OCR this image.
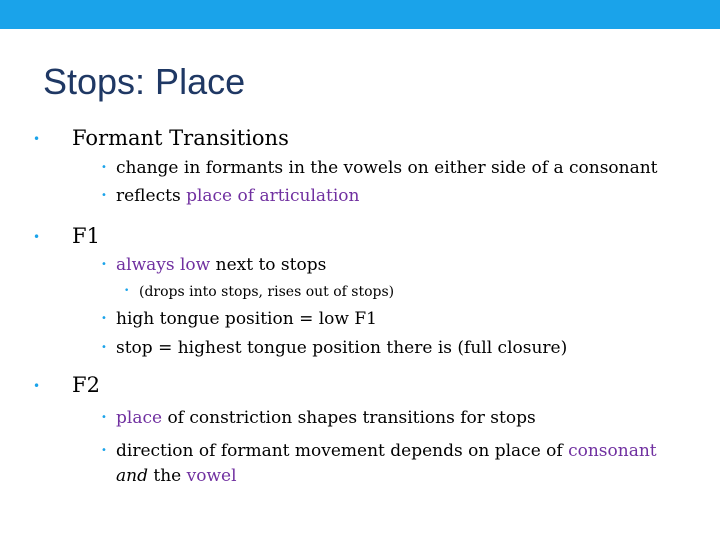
Stops: Place
• Formant Transitions
• change in formants in the vowels on either side of a consonant
• reflects place of articulation
• F1
• always low next to stops
• (drops into stops, rises out of stops)
• high tongue position = low F1
• stop = highest tongue position there is (full closure)
• F2
• place of constriction shapes transitions for stops
• direction of formant movement depends on place of consonant
and the vowel
